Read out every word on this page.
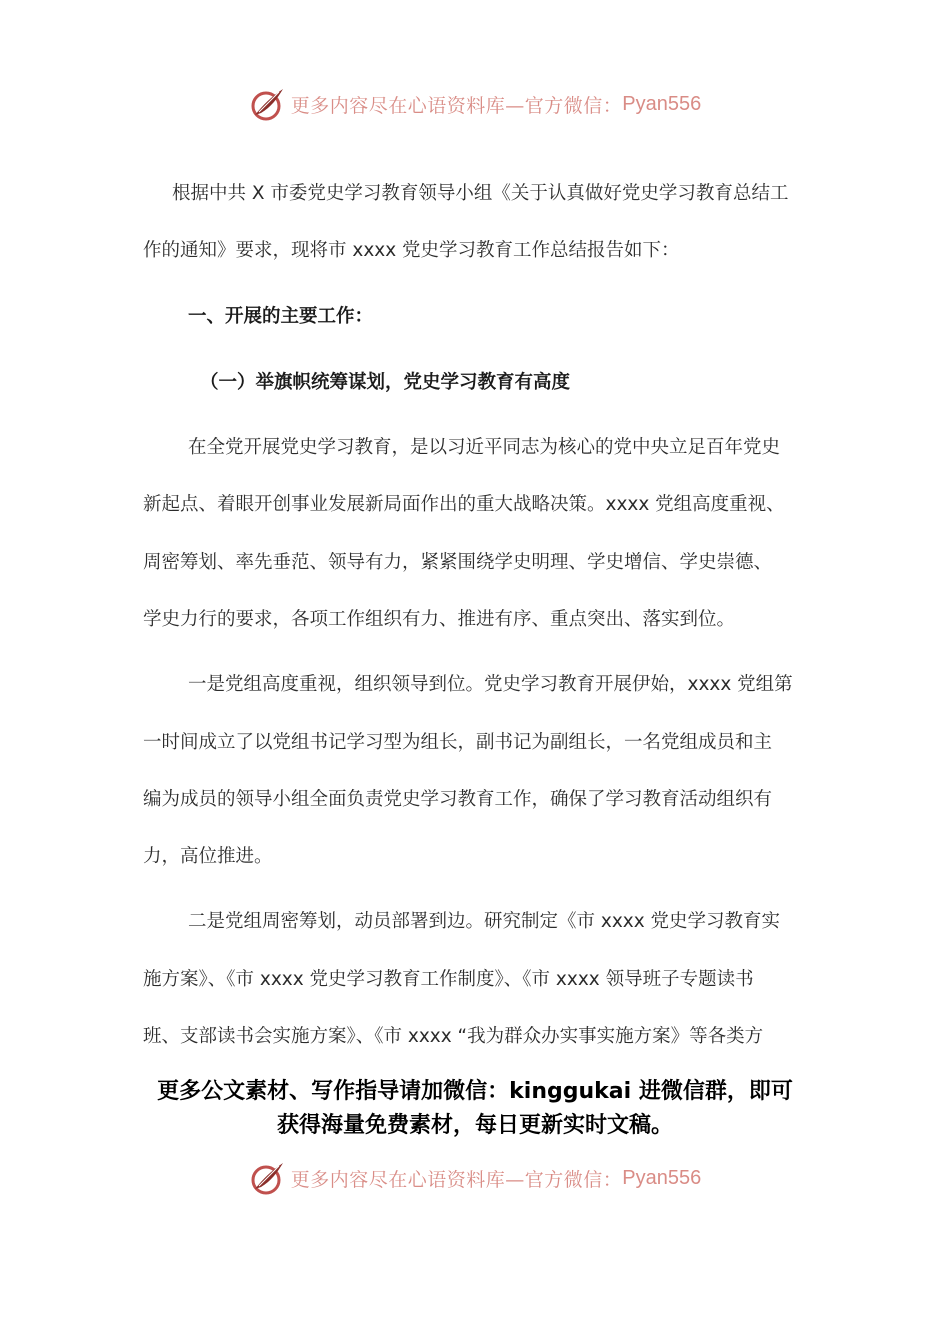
更多内容尽在心语资料库—官方微信： Pyan556
根据中共 X 市委党史学习教育领导小组《关于认真做好党史学习教育总结工
作的通知》要求，现将市 xxxx 党史学习教育工作总结报告如下：
一、开展的主要工作：
（一）举旗帜统筹谋划，党史学习教育有高度
在全党开展党史学习教育，是以习近平同志为核心的党中央立足百年党史
新起点、着眼开创事业发展新局面作出的重大战略决策。xxxx 党组高度重视、
周密筹划、率先垂范、领导有力，紧紧围绕学史明理、学史增信、学史崇德、
学史力行的要求，各项工作组织有力、推进有序、重点突出、落实到位。
一是党组高度重视，组织领导到位。党史学习教育开展伊始，xxxx 党组第
一时间成立了以党组书记学习型为组长，副书记为副组长，一名党组成员和主
编为成员的领导小组全面负责党史学习教育工作，确保了学习教育活动组织有
力，高位推进。
二是党组周密筹划，动员部署到边。研究制定《市 xxxx 党史学习教育实
施方案》、《市 xxxx 党史学习教育工作制度》、《市 xxxx 领导班子专题读书
班、支部读书会实施方案》、《市 xxxx “我为群众办实事实施方案》等各类方
更多公文素材、写作指导请加微信：kinggukai 进微信群，即可
获得海量免费素材，每日更新实时文稿。
更多内容尽在心语资料库—官方微信： Pyan556
